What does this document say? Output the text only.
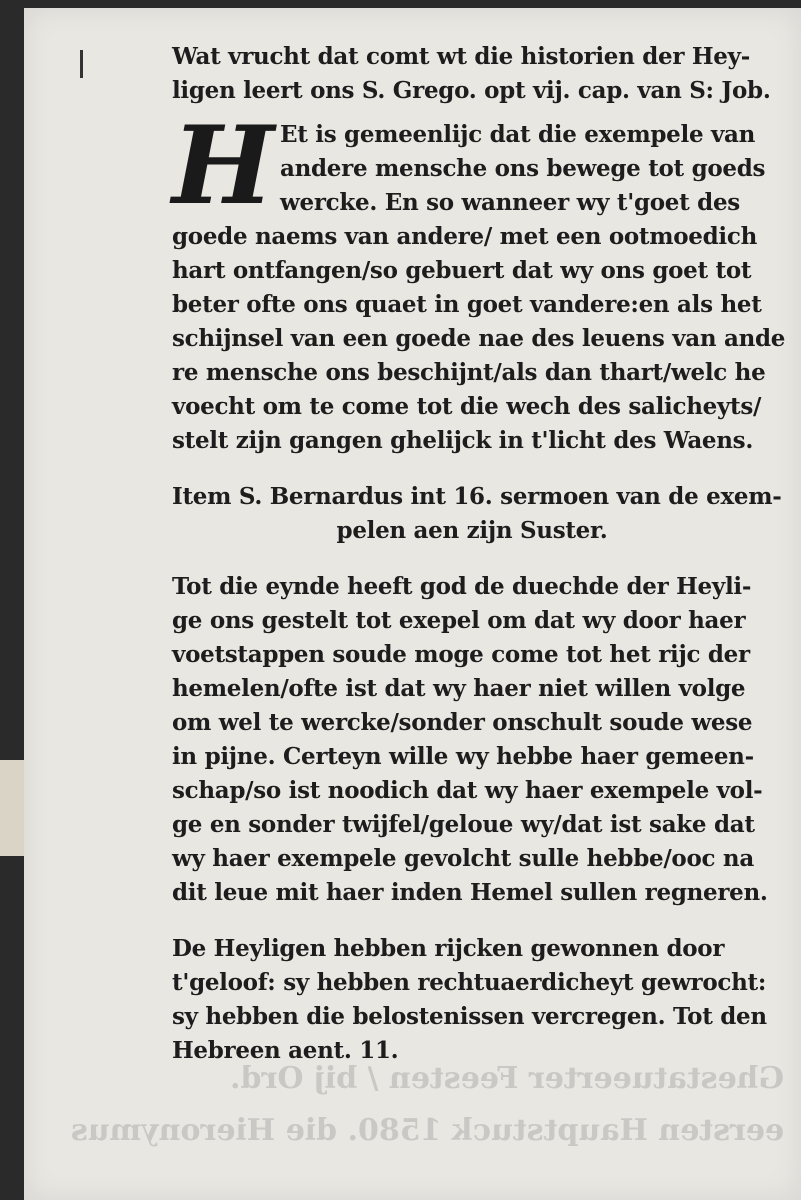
Ghestatueerter Feesten / bij Ord.
eersten Hauptstuck 1580. die Hieronymus
Wat vrucht dat comt wt die historien der Hey-
ligen leert ons S. Grego. opt vij. cap. van S: Job.
H Et is gemeenlijc dat die exempele van
andere mensche ons bewege tot goeds
wercke. En so wanneer wy t'goet des
goede naems van andere/ met een ootmoedich
hart ontfangen/so gebuert dat wy ons goet tot
beter ofte ons quaet in goet vandere:en als het
schijnsel van een goede nae des leuens van ande
re mensche ons beschijnt/als dan thart/welc he
voecht om te come tot die wech des salicheyts/
stelt zijn gangen ghelijck in t'licht des Waens.
Item S. Bernardus int 16. sermoen van de exem-
pelen aen zijn Suster.
Tot die eynde heeft god de duechde der Heyli-
ge ons gestelt tot exepel om dat wy door haer
voetstappen soude moge come tot het rijc der
hemelen/ofte ist dat wy haer niet willen volge
om wel te wercke/sonder onschult soude wese
in pijne. Certeyn wille wy hebbe haer gemeen-
schap/so ist noodich dat wy haer exempele vol-
ge en sonder twijfel/geloue wy/dat ist sake dat
wy haer exempele gevolcht sulle hebbe/ooc na
dit leue mit haer inden Hemel sullen regneren.
De Heyligen hebben rijcken gewonnen door
t'geloof: sy hebben rechtuaerdicheyt gewrocht:
sy hebben die belostenissen vercregen. Tot den
Hebreen aent. 11.
